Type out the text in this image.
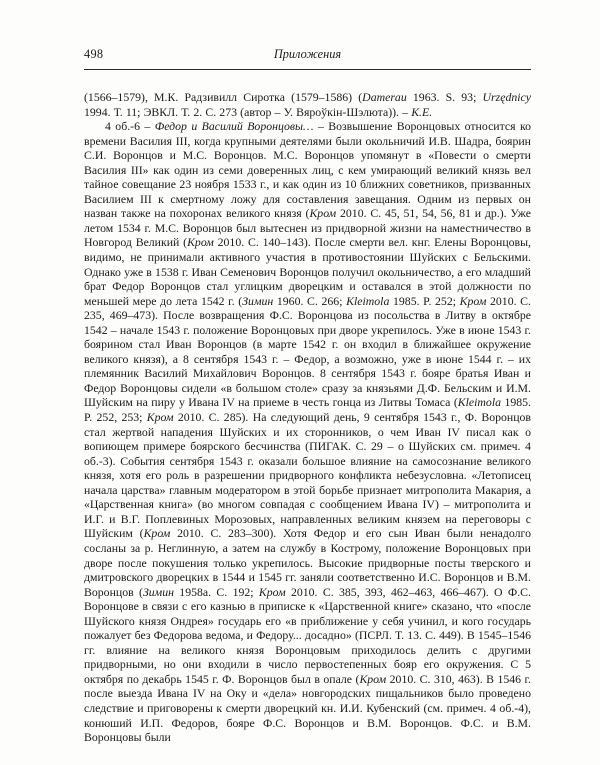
498	Приложения

(1566–1579), М.К. Радзивилл Сиротка (1579–1586) (Damerau 1963. S. 93; Urzędnicy 1994. Т. 11; ЭВКЛ. Т. 2. С. 273 (автор – У. Вяроўкін-Шэлюта)). – К.Е.

4 об.-6 – Федор и Василий Воронцовы… – Возвышение Воронцовых относится ко времени Василия III, когда крупными деятелями были окольничий И.В. Шадра, боярин С.И. Воронцов и М.С. Воронцов. М.С. Воронцов упомянут в «Повести о смерти Василия III» как один из семи доверенных лиц, с кем умирающий великий князь вел тайное совещание 23 ноября 1533 г., и как один из 10 ближних советников, призванных Василием III к смертному ложу для составления завещания. Одним из первых он назван также на похоронах великого князя (Кром 2010. С. 45, 51, 54, 56, 81 и др.). Уже летом 1534 г. М.С. Воронцов был вытеснен из придворной жизни на наместничество в Новгород Великий (Кром 2010. С. 140–143). После смерти вел. кнг. Елены Воронцовы, видимо, не принимали активного участия в противостоянии Шуйских с Бельскими. Однако уже в 1538 г. Иван Семенович Воронцов получил окольничество, а его младший брат Федор Воронцов стал углицким дворецким и оставался в этой должности по меньшей мере до лета 1542 г. (Зимин 1960. С. 266; Kleimola 1985. P. 252; Кром 2010. С. 235, 469–473). После возвращения Ф.С. Воронцова из посольства в Литву в октябре 1542 – начале 1543 г. положение Воронцовых при дворе укрепилось. Уже в июне 1543 г. боярином стал Иван Воронцов (в марте 1542 г. он входил в ближайшее окружение великого князя), а 8 сентября 1543 г. – Федор, а возможно, уже в июне 1544 г. – их племянник Василий Михайлович Воронцов. 8 сентября 1543 г. бояре братья Иван и Федор Воронцовы сидели «в большом столе» сразу за князьями Д.Ф. Бельским и И.М. Шуйским на пиру у Ивана IV на приеме в честь гонца из Литвы Томаса (Kleimola 1985. P. 252, 253; Кром 2010. С. 285). На следующий день, 9 сентября 1543 г., Ф. Воронцов стал жертвой нападения Шуйских и их сторонников, о чем Иван IV писал как о вопиющем примере боярского бесчинства (ПИГАК. С. 29 – о Шуйских см. примеч. 4 об.-3). События сентября 1543 г. оказали большое влияние на самосознание великого князя, хотя его роль в разрешении придворного конфликта небезусловна. «Летописец начала царства» главным модератором в этой борьбе признает митрополита Макария, а «Царственная книга» (во многом совпадая с сообщением Ивана IV) – митрополита и И.Г. и В.Г. Поплевиных Морозовых, направленных великим князем на переговоры с Шуйским (Кром 2010. С. 283–300). Хотя Федор и его сын Иван были ненадолго сосланы за р. Неглинную, а затем на службу в Кострому, положение Воронцовых при дворе после покушения только укрепилось. Высокие придворные посты тверского и дмитровского дворецких в 1544 и 1545 гг. заняли соответственно И.С. Воронцов и В.М. Воронцов (Зимин 1958а. С. 192; Кром 2010. С. 385, 393, 462–463, 466–467). О Ф.С. Воронцове в связи с его казнью в приписке к «Царственной книге» сказано, что «после Шуйского князя Ондрея» государь его «в приближение у себя учинил, и кого государь пожалует без Федорова ведома, и Федору... досадно» (ПСРЛ. Т. 13. С. 449). В 1545–1546 гг. влияние на великого князя Воронцовым приходилось делить с другими придворными, но они входили в число первостепенных бояр его окружения. С 5 октября по декабрь 1545 г. Ф. Воронцов был в опале (Кром 2010. С. 310, 463). В 1546 г. после выезда Ивана IV на Оку и «дела» новгородских пищальников было проведено следствие и приговорены к смерти дворецкий кн. И.И. Кубенский (см. примеч. 4 об.-4), конюший И.П. Федоров, бояре Ф.С. Воронцов и В.М. Воронцов. Ф.С. и В.М. Воронцовы были
